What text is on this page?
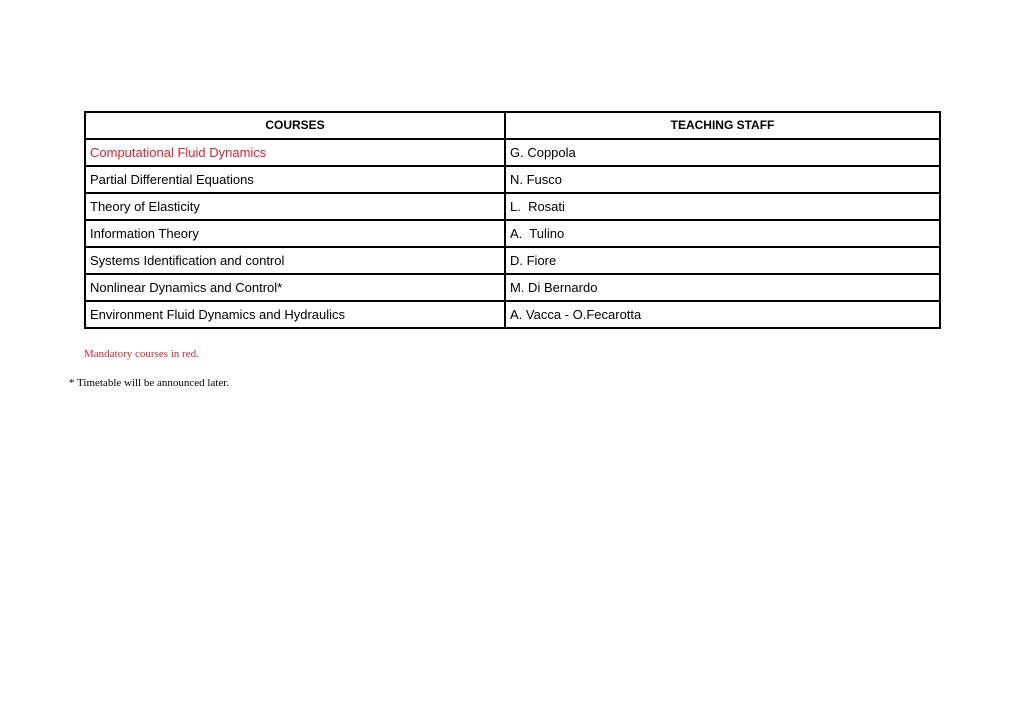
COURSES	TEACHING STAFF
Computational Fluid Dynamics	G. Coppola
Partial Differential Equations	N. Fusco
Theory of Elasticity	L.  Rosati
Information Theory	A.  Tulino
Systems Identification and control	D. Fiore
Nonlinear Dynamics and Control*	M. Di Bernardo
Environment Fluid Dynamics and Hydraulics	A. Vacca - O.Fecarotta

Mandatory courses in red.

* Timetable will be announced later.
